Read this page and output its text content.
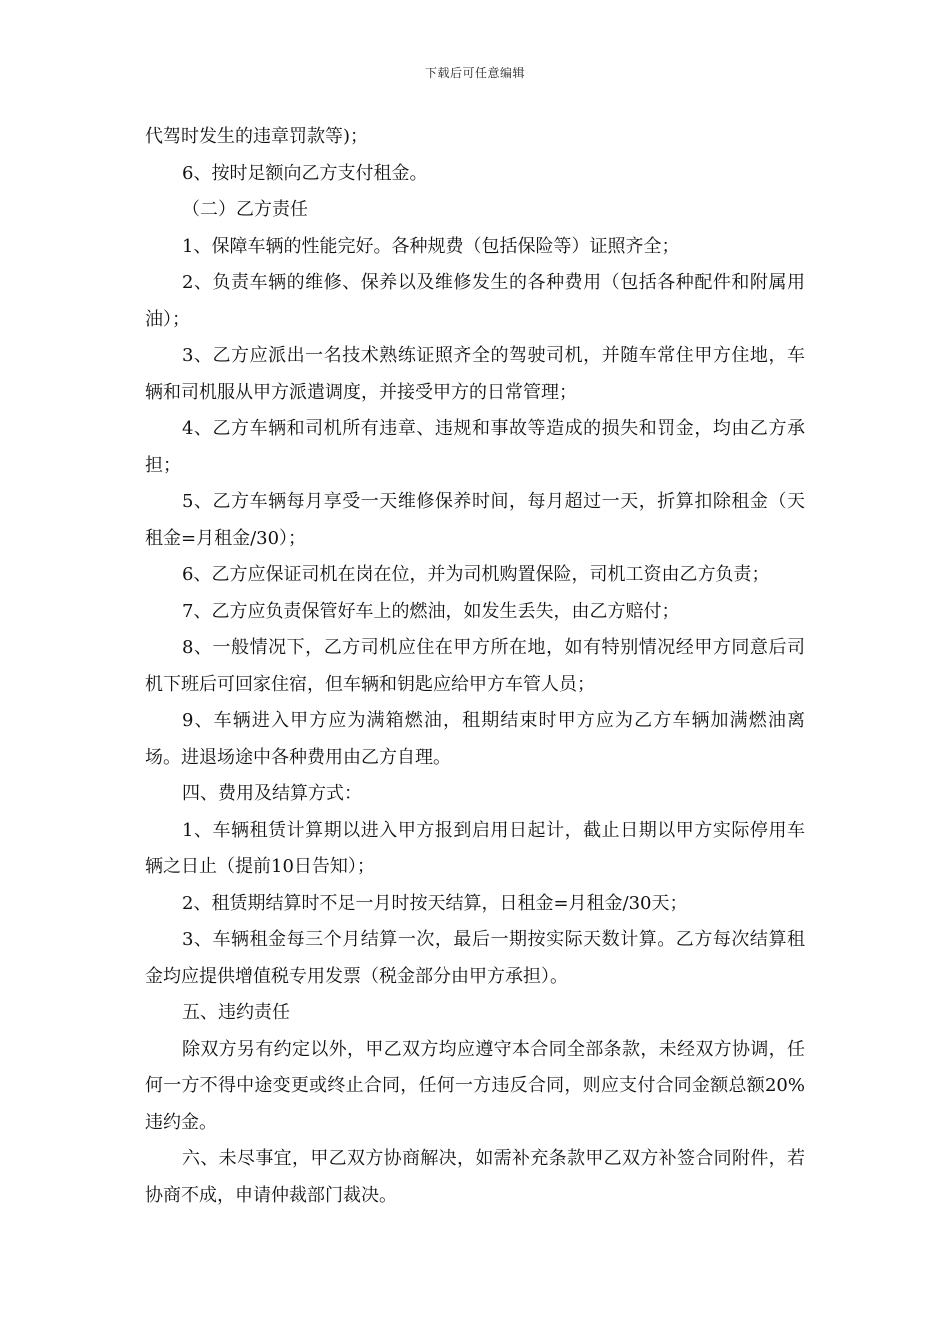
下载后可任意编辑

代驾时发生的违章罚款等)；

6、按时足额向乙方支付租金。

（二）乙方责任

1、保障车辆的性能完好。各种规费（包括保险等）证照齐全；

2、负责车辆的维修、保养以及维修发生的各种费用（包括各种配件和附属用油）；

3、乙方应派出一名技术熟练证照齐全的驾驶司机，并随车常住甲方住地，车辆和司机服从甲方派遣调度，并接受甲方的日常管理；

4、乙方车辆和司机所有违章、违规和事故等造成的损失和罚金，均由乙方承担；

5、乙方车辆每月享受一天维修保养时间，每月超过一天，折算扣除租金（天租金=月租金/30）；

6、乙方应保证司机在岗在位，并为司机购置保险，司机工资由乙方负责；

7、乙方应负责保管好车上的燃油，如发生丢失，由乙方赔付；

8、一般情况下，乙方司机应住在甲方所在地，如有特别情况经甲方同意后司机下班后可回家住宿，但车辆和钥匙应给甲方车管人员；

9、车辆进入甲方应为满箱燃油，租期结束时甲方应为乙方车辆加满燃油离场。进退场途中各种费用由乙方自理。

四、费用及结算方式：

1、车辆租赁计算期以进入甲方报到启用日起计，截止日期以甲方实际停用车辆之日止（提前10日告知）；

2、租赁期结算时不足一月时按天结算，日租金=月租金/30天；

3、车辆租金每三个月结算一次，最后一期按实际天数计算。乙方每次结算租金均应提供增值税专用发票（税金部分由甲方承担）。

五、违约责任

除双方另有约定以外，甲乙双方均应遵守本合同全部条款，未经双方协调，任何一方不得中途变更或终止合同，任何一方违反合同，则应支付合同金额总额20%违约金。

六、未尽事宜，甲乙双方协商解决，如需补充条款甲乙双方补签合同附件，若协商不成，申请仲裁部门裁决。
